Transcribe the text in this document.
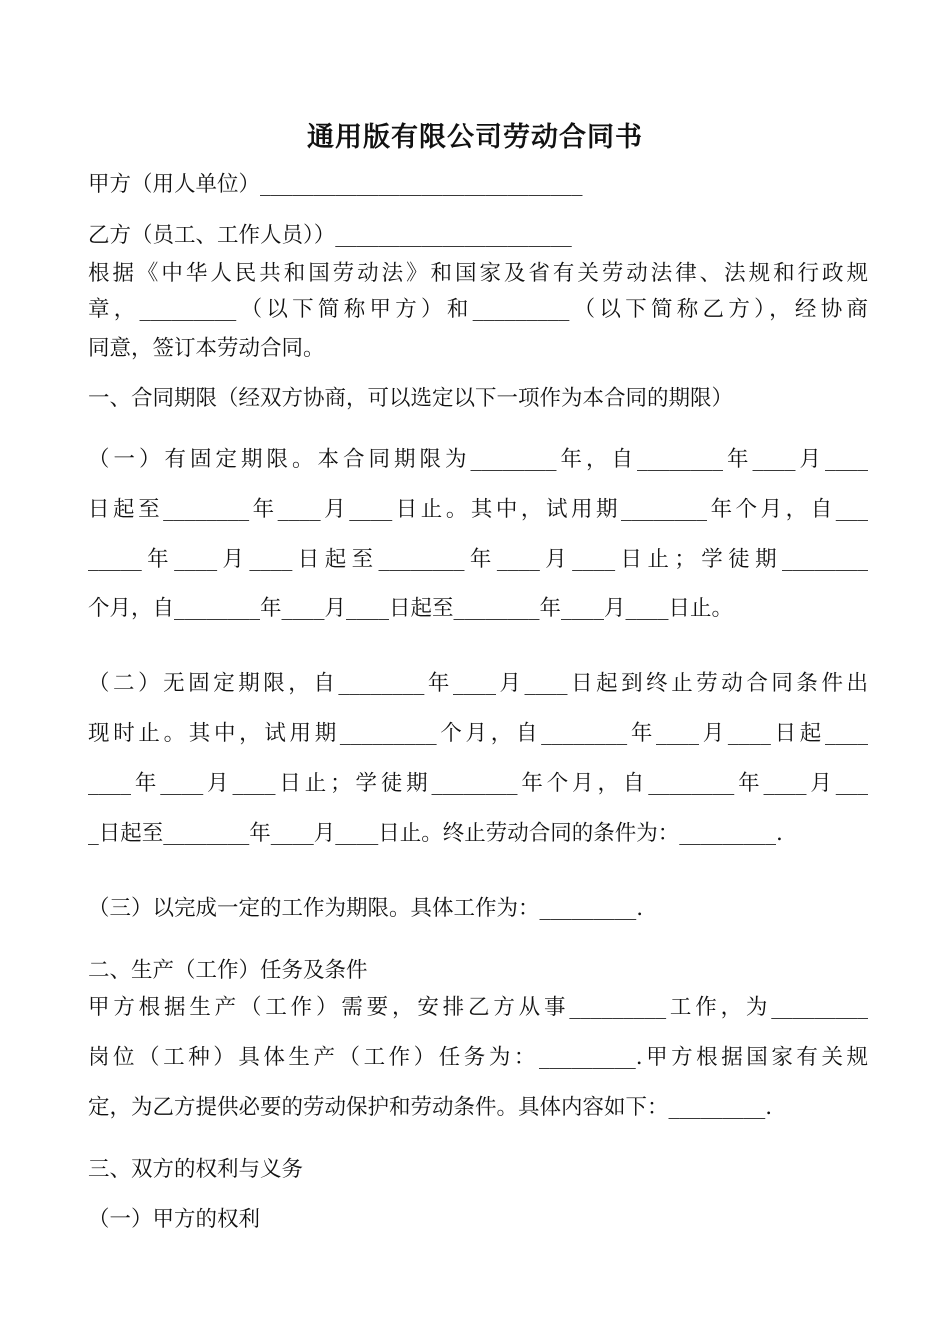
通用版有限公司劳动合同书
甲方（用人单位）______________________________
乙方（员工、工作人员））______________________
根据《中华人民共和国劳动法》和国家及省有关劳动法律、法规和行政规
章，_________（以下简称甲方）和_________（以下简称乙方），经协商
同意，签订本劳动合同。
一、合同期限（经双方协商，可以选定以下一项作为本合同的期限）
（一）有固定期限。本合同期限为________年，自________年____月____
日起至________年____月____日止。其中，试用期________年个月，自___
_____年____月____日起至________年____月____日止；学徒期________
个月，自________年____月____日起至________年____月____日止。
（二）无固定期限，自________年____月____日起到终止劳动合同条件出
现时止。其中，试用期_________个月，自________年____月____日起____
____年____月____日止；学徒期________年个月，自________年____月___
_日起至________年____月____日止。终止劳动合同的条件为：_________.
（三）以完成一定的工作为期限。具体工作为：_________.
二、生产（工作）任务及条件
甲方根据生产（工作）需要，安排乙方从事_________工作，为_________
岗位（工种）具体生产（工作）任务为：_________.甲方根据国家有关规
定，为乙方提供必要的劳动保护和劳动条件。具体内容如下：_________.
三、双方的权利与义务
（一）甲方的权利
